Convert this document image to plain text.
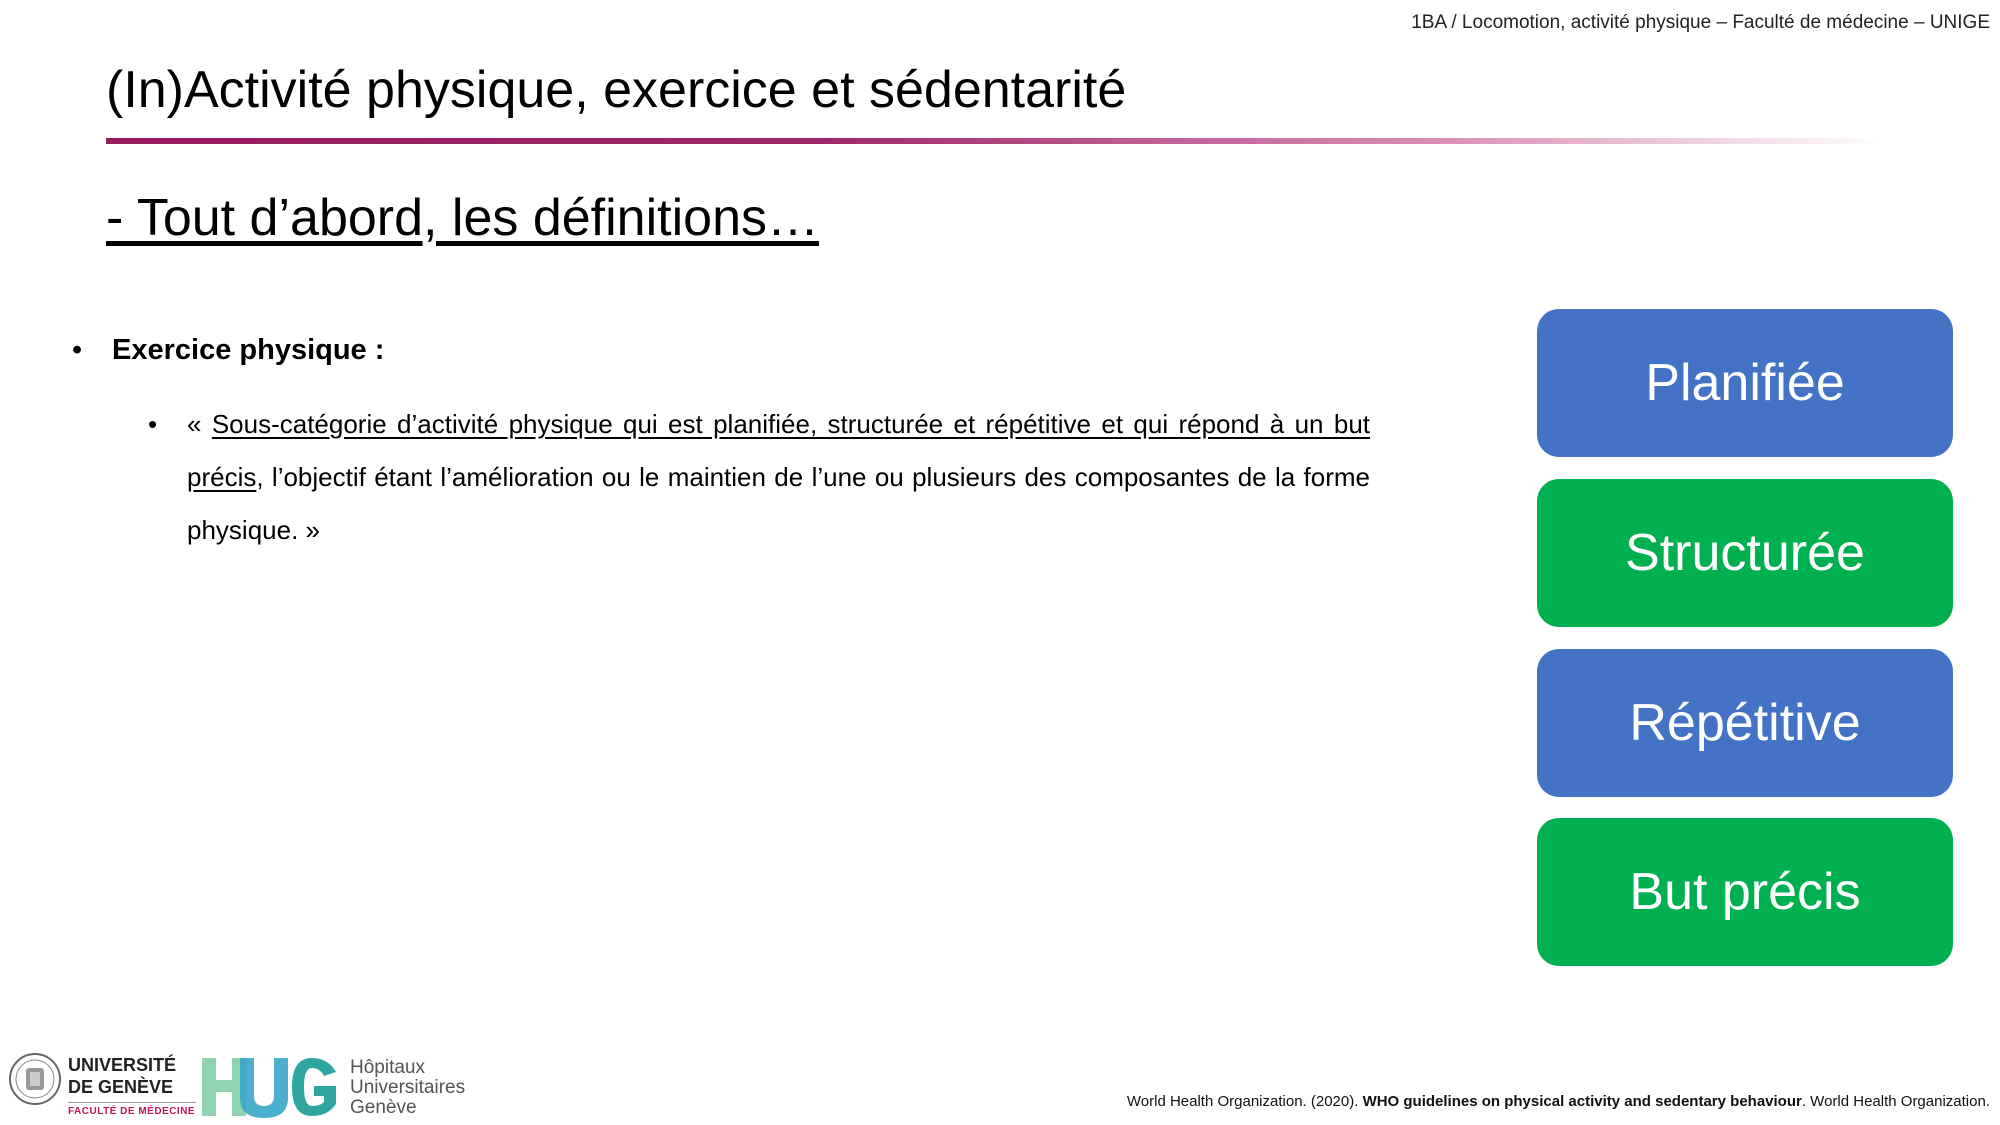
1BA / Locomotion, activité physique – Faculté de médecine – UNIGE
(In)Activité physique, exercice et sédentarité
- Tout d’abord, les définitions…
• Exercice physique :
• « Sous-catégorie d’activité physique qui est planifiée, structurée et répétitive et qui répond à un but précis, l’objectif étant l’amélioration ou le maintien de l’une ou plusieurs des composantes de la forme physique. »
Planifiée
Structurée
Répétitive
But précis
UNIVERSITÉ
DE GENÈVE
FACULTÉ DE MÉDECINE
Hôpitaux
Universitaires
Genève	World Health Organization. (2020). WHO guidelines on physical activity and sedentary behaviour. World Health Organization.
